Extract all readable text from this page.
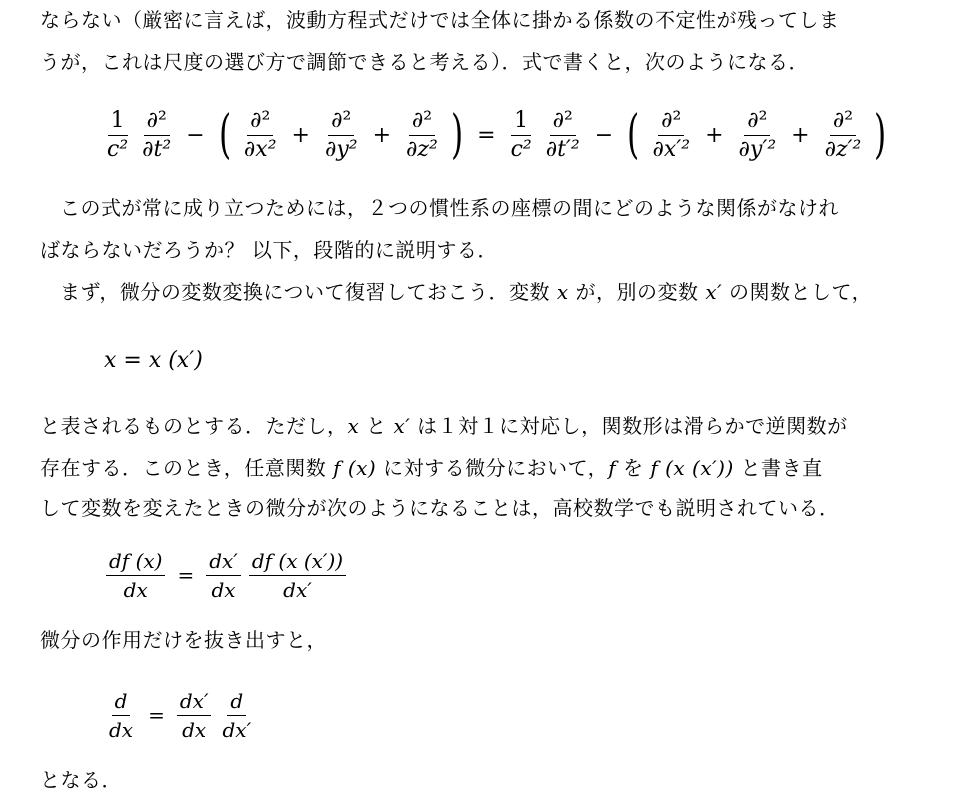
ならない（厳密に言えば，波動方程式だけでは全体に掛かる係数の不定性が残ってしま
うが，これは尺度の選び方で調節できると考える）．式で書くと，次のようになる．
$\frac{1}{\text{c²}} \frac{\text{∂²}}{\text{∂t²}}$ − ( $\frac{\text{∂²}}{\text{∂x²}} + \frac{\text{∂²}}{\text{∂y²}} + \frac{\text{∂²}}{\text{∂z²}}$ ) = $\frac{1}{\text{c²}} \frac{\text{∂²}}{\text{∂t′²}}$ − ( $\frac{\text{∂²}}{\text{∂x′²}} + \frac{\text{∂²}}{\text{∂y′²}} + \frac{\text{∂²}}{\text{∂z′²}}$ )
この式が常に成り立つためには，２つの慣性系の座標の間にどのような関係がなけれ
ばならないだろうか？ 以下，段階的に説明する．
まず，微分の変数変換について復習しておこう．変数 x が，別の変数 x′ の関数として，
x = x (x′)
と表されるものとする．ただし，x と x′ は１対１に対応し，関数形は滑らかで逆関数が
存在する．このとき，任意関数 f (x) に対する微分において，f を f (x (x′)) と書き直
して変数を変えたときの微分が次のようになることは，高校数学でも説明されている．
$\frac{df (x)}{dx} = \frac{dx'}{dx} \frac{df (x (x'))}{dx'}$
微分の作用だけを抜き出すと，
$\frac{d}{dx} = \frac{dx'}{dx} \frac{d}{dx'}$
となる．
